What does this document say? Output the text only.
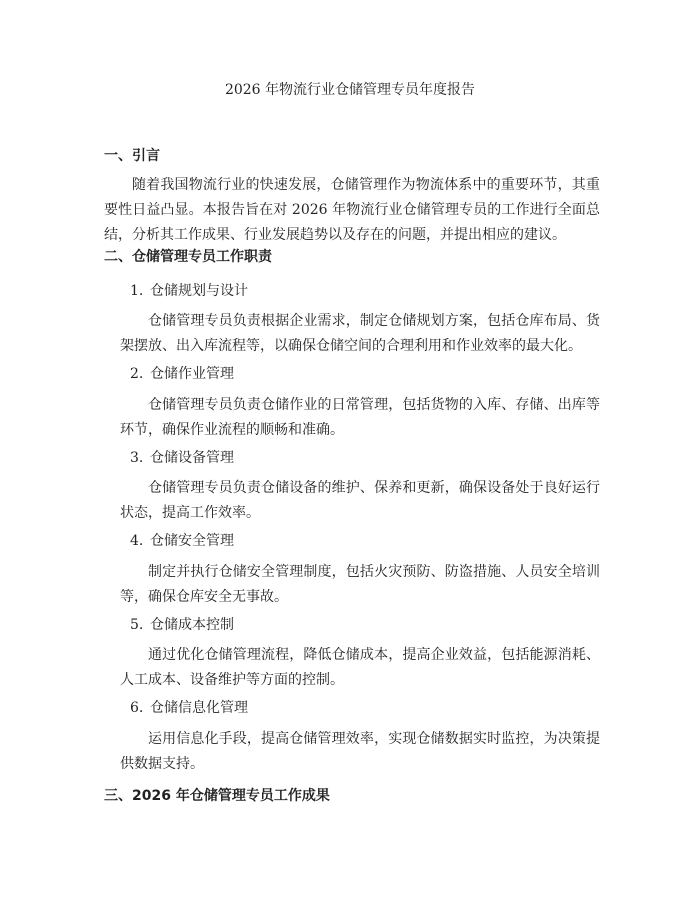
2026 年物流行业仓储管理专员年度报告
一、引言
随着我国物流行业的快速发展，仓储管理作为物流体系中的重要环节，其重要性日益凸显。本报告旨在对 2026 年物流行业仓储管理专员的工作进行全面总结，分析其工作成果、行业发展趋势以及存在的问题，并提出相应的建议。
二、仓储管理专员工作职责
1. 仓储规划与设计
仓储管理专员负责根据企业需求，制定仓储规划方案，包括仓库布局、货架摆放、出入库流程等，以确保仓储空间的合理利用和作业效率的最大化。
2. 仓储作业管理
仓储管理专员负责仓储作业的日常管理，包括货物的入库、存储、出库等环节，确保作业流程的顺畅和准确。
3. 仓储设备管理
仓储管理专员负责仓储设备的维护、保养和更新，确保设备处于良好运行状态，提高工作效率。
4. 仓储安全管理
制定并执行仓储安全管理制度，包括火灾预防、防盗措施、人员安全培训等，确保仓库安全无事故。
5. 仓储成本控制
通过优化仓储管理流程，降低仓储成本，提高企业效益，包括能源消耗、人工成本、设备维护等方面的控制。
6. 仓储信息化管理
运用信息化手段，提高仓储管理效率，实现仓储数据实时监控，为决策提供数据支持。
三、2026 年仓储管理专员工作成果
